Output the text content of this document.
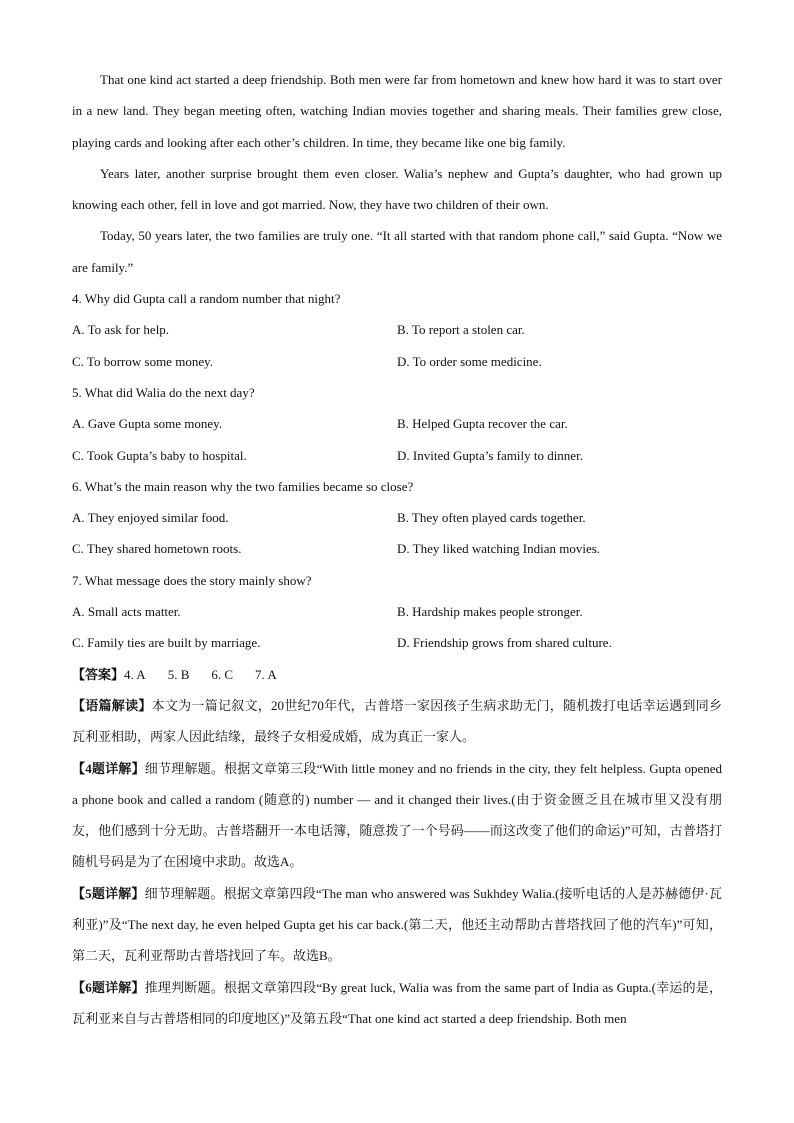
That one kind act started a deep friendship. Both men were far from hometown and knew how hard it was to start over in a new land. They began meeting often, watching Indian movies together and sharing meals. Their families grew close, playing cards and looking after each other’s children. In time, they became like one big family.

Years later, another surprise brought them even closer. Walia’s nephew and Gupta’s daughter, who had grown up knowing each other, fell in love and got married. Now, they have two children of their own.

Today, 50 years later, the two families are truly one. “It all started with that random phone call,” said Gupta. “Now we are family.”

4. Why did Gupta call a random number that night?
A. To ask for help.	B. To report a stolen car.
C. To borrow some money.	D. To order some medicine.
5. What did Walia do the next day?
A. Gave Gupta some money.	B. Helped Gupta recover the car.
C. Took Gupta’s baby to hospital.	D. Invited Gupta’s family to dinner.
6. What’s the main reason why the two families became so close?
A. They enjoyed similar food.	B. They often played cards together.
C. They shared hometown roots.	D. They liked watching Indian movies.
7. What message does the story mainly show?
A. Small acts matter.	B. Hardship makes people stronger.
C. Family ties are built by marriage.	D. Friendship grows from shared culture.
【答案】4. A 5. B 6. C 7. A

【语篇解读】本文为一篇记叙文，20世纪70年代，古普塔一家因孩子生病求助无门，随机拨打电话幸运遇到同乡瓦利亚相助，两家人因此结缘，最终子女相爱成婚，成为真正一家人。

【4题详解】细节理解题。根据文章第三段“With little money and no friends in the city, they felt helpless. Gupta opened a phone book and called a random (随意的) number — and it changed their lives.(由于资金匮乏且在城市里又没有朋友，他们感到十分无助。古普塔翻开一本电话簿，随意拨了一个号码——而这改变了他们的命运)”可知，古普塔打随机号码是为了在困境中求助。故选A。

【5题详解】细节理解题。根据文章第四段“The man who answered was Sukhdey Walia.(接听电话的人是苏赫德伊·瓦利亚)”及“The next day, he even helped Gupta get his car back.(第二天，他还主动帮助古普塔找回了他的汽车)”可知，第二天，瓦利亚帮助古普塔找回了车。故选B。

【6题详解】推理判断题。根据文章第四段“By great luck, Walia was from the same part of India as Gupta.(幸运的是，瓦利亚来自与古普塔相同的印度地区)”及第五段“That one kind act started a deep friendship. Both men
